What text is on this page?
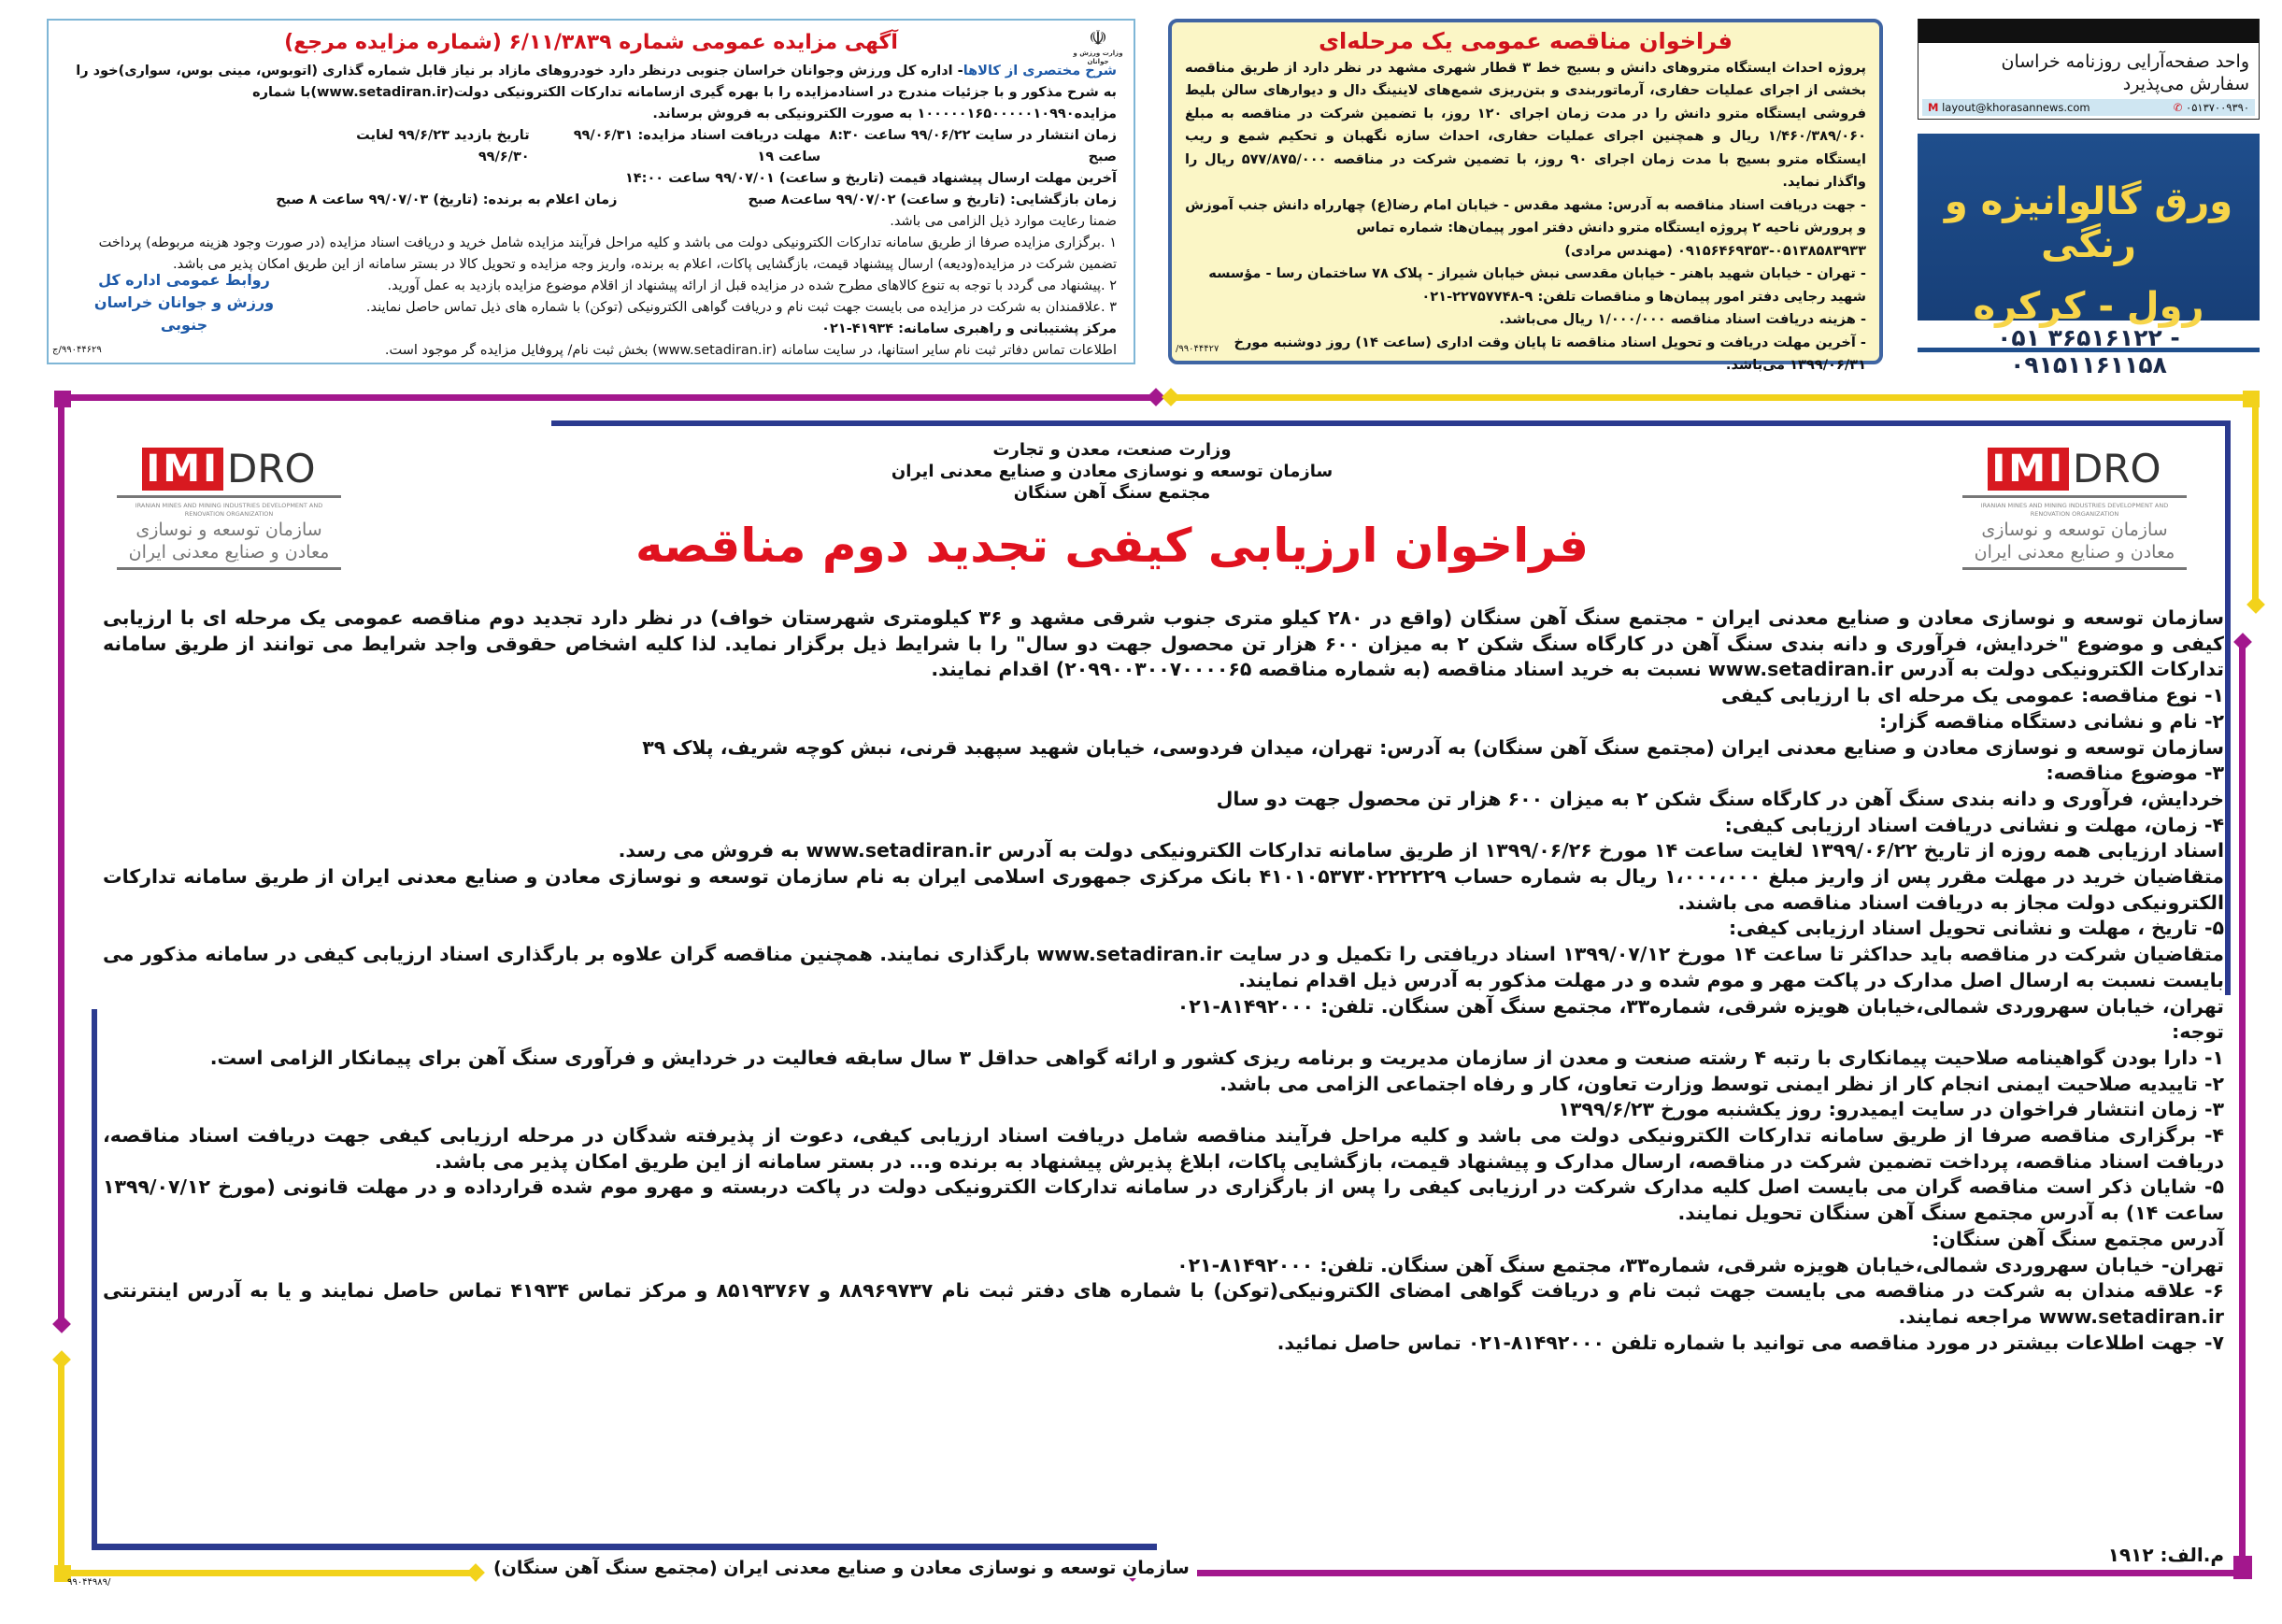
☫
وزارت ورزش و جوانان
آگهی مزایده عمومی شماره ۶/۱۱/۳۸۳۹ (شماره مزایده مرجع)
شرح مختصری از کالاها- اداره کل ورزش وجوانان خراسان جنوبی درنظر دارد خودروهای مازاد بر نیاز قابل شماره گذاری (اتوبوس، مینی بوس، سواری)خود را به شرح مذکور و با جزئیات مندرج در اسنادمزایده را با بهره گیری ازسامانه تدارکات الکترونیکی دولت(www.setadiran.ir)با شماره مزایده۱۰۰۰۰۰۱۶۵۰۰۰۰۰۱۰۹۹۰ به صورت الکترونیکی به فروش برساند.
زمان انتشار در سایت ۹۹/۰۶/۲۲ ساعت ۸:۳۰ صبح
مهلت دریافت اسناد مزایده: ۹۹/۰۶/۳۱ ساعت ۱۹
تاریخ بازدید ۹۹/۶/۲۳ لغایت ۹۹/۶/۳۰
آخرین مهلت ارسال پیشنهاد قیمت (تاریخ و ساعت) ۹۹/۰۷/۰۱ ساعت ۱۴:۰۰
زمان بازگشایی: (تاریخ و ساعت) ۹۹/۰۷/۰۲ ساعت۸ صبح
زمان اعلام به برنده: (تاریخ) ۹۹/۰۷/۰۳ ساعت ۸ صبح
ضمنا رعایت موارد ذیل الزامی می باشد.
۱ .برگزاری مزایده صرفا از طریق سامانه تدارکات الکترونیکی دولت می باشد و کلیه مراحل فرآیند مزایده شامل خرید و دریافت اسناد مزایده (در صورت وجود هزینه مربوطه) پرداخت تضمین شرکت در مزایده(ودیعه) ارسال پیشنهاد قیمت، بازگشایی پاکات، اعلام به برنده، واریز وجه مزایده و تحویل کالا در بستر سامانه از این طریق امکان پذیر می باشد.
۲ .پیشنهاد می گردد با توجه به تنوع کالاهای مطرح شده در مزایده قبل از ارائه پیشنهاد از اقلام موضوع مزایده بازدید به عمل آورید.
۳ .علاقمندان به شرکت در مزایده می بایست جهت ثبت نام و دریافت گواهی الکترونیکی (توکن) با شماره های ذیل تماس حاصل نمایند.
مرکز پشتیبانی و راهبری سامانه: ۴۱۹۳۴-۰۲۱
اطلاعات تماس دفاتر ثبت نام سایر استانها، در سایت سامانه (www.setadiran.ir) بخش ثبت نام/ پروفایل مزایده گر موجود است.
روابط عمومی اداره کل ورزش و جوانان خراسان جنوبی
۹۹۰۴۴۶۲۹/ج
فراخوان مناقصه عمومی یک مرحله‌ای

پروژه احداث ایستگاه متروهای دانش و بسیج خط ۳ قطار شهری مشهد در نظر دارد از طریق مناقصه بخشی از اجرای عملیات حفاری، آرماتوربندی و بتن‌ریزی شمع‌های لاینینگ دال و دیوارهای سالن بلیط فروشی ایستگاه مترو دانش را در مدت زمان اجرای ۱۲۰ روز، با تضمین شرکت در مناقصه به مبلغ ۱/۴۶۰/۳۸۹/۰۶۰ ریال و همچنین اجرای عملیات حفاری، احداث سازه نگهبان و تحکیم شمع و ریب ایستگاه مترو بسیج با مدت زمان اجرای ۹۰ روز، با تضمین شرکت در مناقصه ۵۷۷/۸۷۵/۰۰۰ ریال را واگذار نماید.

- جهت دریافت اسناد مناقصه به آدرس: مشهد مقدس - خیابان امام رضا(ع) چهارراه دانش جنب آموزش و پرورش ناحیه ۲ پروژه ایستگاه مترو دانش دفتر امور پیمان‌ها: شماره تماس ۰۵۱۳۸۵۸۳۹۳۳-۰۹۱۵۶۴۶۹۳۵۳ (مهندس مرادی)
- تهران - خیابان شهید باهنر - خیابان مقدسی نبش خیابان شیراز - پلاک ۷۸ ساختمان رسا - مؤسسه شهید رجایی دفتر امور پیمان‌ها و مناقصات تلفن: ۹-۲۲۷۵۷۷۴۸-۰۲۱
- هزینه دریافت اسناد مناقصه ۱/۰۰۰/۰۰۰ ریال می‌باشد.
- آخرین مهلت دریافت و تحویل اسناد مناقصه تا پایان وقت اداری (ساعت ۱۴) روز دوشنبه مورخ ۱۳۹۹/۰۶/۳۱ می‌باشد.
۹۹۰۴۴۴۲۷/
واحد صفحه‌آرایی روزنامه خراسان
سفارش می‌پذیرد
M layout@khorasannews.com	✆ ۰۵۱۳۷۰۰۹۳۹۰
ورق گالوانیزه و رنگی
رول - کرکره
۰۵۱ ۳۶۵۱۶۱۲۲ - ۰۹۱۵۱۱۶۱۱۵۸
۹۹۰۴۴۹۸۹/
IMI DRO
IRANIAN MINES AND MINING INDUSTRIES DEVELOPMENT AND RENOVATION ORGANIZATION
سازمان توسعه و نوسازی معادن و صنایع معدنی ایران
IMI DRO
IRANIAN MINES AND MINING INDUSTRIES DEVELOPMENT AND RENOVATION ORGANIZATION
سازمان توسعه و نوسازی معادن و صنایع معدنی ایران
وزارت صنعت، معدن و تجارت
سازمان توسعه و نوسازی معادن و صنایع معدنی ایران
مجتمع سنگ آهن سنگان
فراخوان ارزیابی کیفی تجدید دوم مناقصه

سازمان توسعه و نوسازی معادن و صنایع معدنی ایران - مجتمع سنگ آهن سنگان (واقع در ۲۸۰ کیلو متری جنوب شرقی مشهد و ۳۶ کیلومتری شهرستان خواف) در نظر دارد تجدید دوم مناقصه عمومی یک مرحله ای با ارزیابی کیفی و موضوع "خردایش، فرآوری و دانه بندی سنگ آهن در کارگاه سنگ شکن ۲ به میزان ۶۰۰ هزار تن محصول جهت دو سال" را با شرایط ذیل برگزار نماید. لذا کلیه اشخاص حقوقی واجد شرایط می توانند از طریق سامانه تدارکات الکترونیکی دولت به آدرس www.setadiran.ir نسبت به خرید اسناد مناقصه (به شماره مناقصه ۲۰۹۹۰۰۳۰۰۷۰۰۰۰۶۵) اقدام نمایند.

۱- نوع مناقصه: عمومی یک مرحله ای با ارزیابی کیفی

۲- نام و نشانی دستگاه مناقصه گزار:

سازمان توسعه و نوسازی معادن و صنایع معدنی ایران (مجتمع سنگ آهن سنگان) به آدرس: تهران، میدان فردوسی، خیابان شهید سپهبد قرنی، نبش کوچه شریف، پلاک ۳۹

۳- موضوع مناقصه:

خردایش، فرآوری و دانه بندی سنگ آهن در کارگاه سنگ شکن ۲ به میزان ۶۰۰ هزار تن محصول جهت دو سال

۴- زمان، مهلت و نشانی دریافت اسناد ارزیابی کیفی:

اسناد ارزیابی همه روزه از تاریخ ۱۳۹۹/۰۶/۲۲ لغایت ساعت ۱۴ مورخ ۱۳۹۹/۰۶/۲۶ از طریق سامانه تدارکات الکترونیکی دولت به آدرس www.setadiran.ir به فروش می رسد.

متقاضیان خرید در مهلت مقرر پس از واریز مبلغ ۱،۰۰۰،۰۰۰ ریال به شماره حساب ۴۱۰۱۰۵۳۷۳۰۲۲۲۲۲۹ بانک مرکزی جمهوری اسلامی ایران به نام سازمان توسعه و نوسازی معادن و صنایع معدنی ایران از طریق سامانه تدارکات الکترونیکی دولت مجاز به دریافت اسناد مناقصه می باشند.

۵- تاریخ ، مهلت و نشانی تحویل اسناد ارزیابی کیفی:

متقاضیان شرکت در مناقصه باید حداکثر تا ساعت ۱۴ مورخ ۱۳۹۹/۰۷/۱۲ اسناد دریافتی را تکمیل و در سایت www.setadiran.ir بارگذاری نمایند. همچنین مناقصه گران علاوه بر بارگذاری اسناد ارزیابی کیفی در سامانه مذکور می بایست نسبت به ارسال اصل مدارک در پاکت مهر و موم شده و در مهلت مذکور به آدرس ذیل اقدام نمایند.

تهران، خیابان سهروردی شمالی،خیابان هویزه شرقی، شماره۳۳، مجتمع سنگ آهن سنگان. تلفن: ۸۱۴۹۲۰۰۰-۰۲۱

توجه:

۱- دارا بودن گواهینامه صلاحیت پیمانکاری با رتبه ۴ رشته صنعت و معدن از سازمان مدیریت و برنامه ریزی کشور و ارائه گواهی حداقل ۳ سال سابقه فعالیت در خردایش و فرآوری سنگ آهن برای پیمانکار الزامی است.

۲- تاییدیه صلاحیت ایمنی انجام کار از نظر ایمنی توسط وزارت تعاون، کار و رفاه اجتماعی الزامی می باشد.

۳- زمان انتشار فراخوان در سایت ایمیدرو: روز یکشنبه مورخ ۱۳۹۹/۶/۲۳

۴- برگزاری مناقصه صرفا از طریق سامانه تدارکات الکترونیکی دولت می باشد و کلیه مراحل فرآیند مناقصه شامل دریافت اسناد ارزیابی کیفی، دعوت از پذیرفته شدگان در مرحله ارزیابی کیفی جهت دریافت اسناد مناقصه، دریافت اسناد مناقصه، پرداخت تضمین شرکت در مناقصه، ارسال مدارک و پیشنهاد قیمت، بازگشایی پاکات، ابلاغ پذیرش پیشنهاد به برنده و... در بستر سامانه از این طریق امکان پذیر می باشد.

۵- شایان ذکر است مناقصه گران می بایست اصل کلیه مدارک شرکت در ارزیابی کیفی را پس از بارگزاری در سامانه تدارکات الکترونیکی دولت در پاکت دربسته و مهرو موم شده قرارداده و در مهلت قانونی (مورخ ۱۳۹۹/۰۷/۱۲ ساعت ۱۴) به آدرس مجتمع سنگ آهن سنگان تحویل نمایند.

آدرس مجتمع سنگ آهن سنگان:

تهران- خیابان سهروردی شمالی،خیابان هویزه شرقی، شماره۳۳، مجتمع سنگ آهن سنگان. تلفن: ۸۱۴۹۲۰۰۰-۰۲۱

۶- علاقه مندان به شرکت در مناقصه می بایست جهت ثبت نام و دریافت گواهی امضای الکترونیکی(توکن) با شماره های دفتر ثبت نام ۸۸۹۶۹۷۳۷ و ۸۵۱۹۳۷۶۷ و مرکز تماس ۴۱۹۳۴ تماس حاصل نمایند و یا به آدرس اینترنتی www.setadiran.ir مراجعه نمایند.

۷- جهت اطلاعات بیشتر در مورد مناقصه می توانید با شماره تلفن ۸۱۴۹۲۰۰۰-۰۲۱ تماس حاصل نمائید.

م.الف: ۱۹۱۲
سازمان توسعه و نوسازی معادن و صنایع معدنی ایران (مجتمع سنگ آهن سنگان)
